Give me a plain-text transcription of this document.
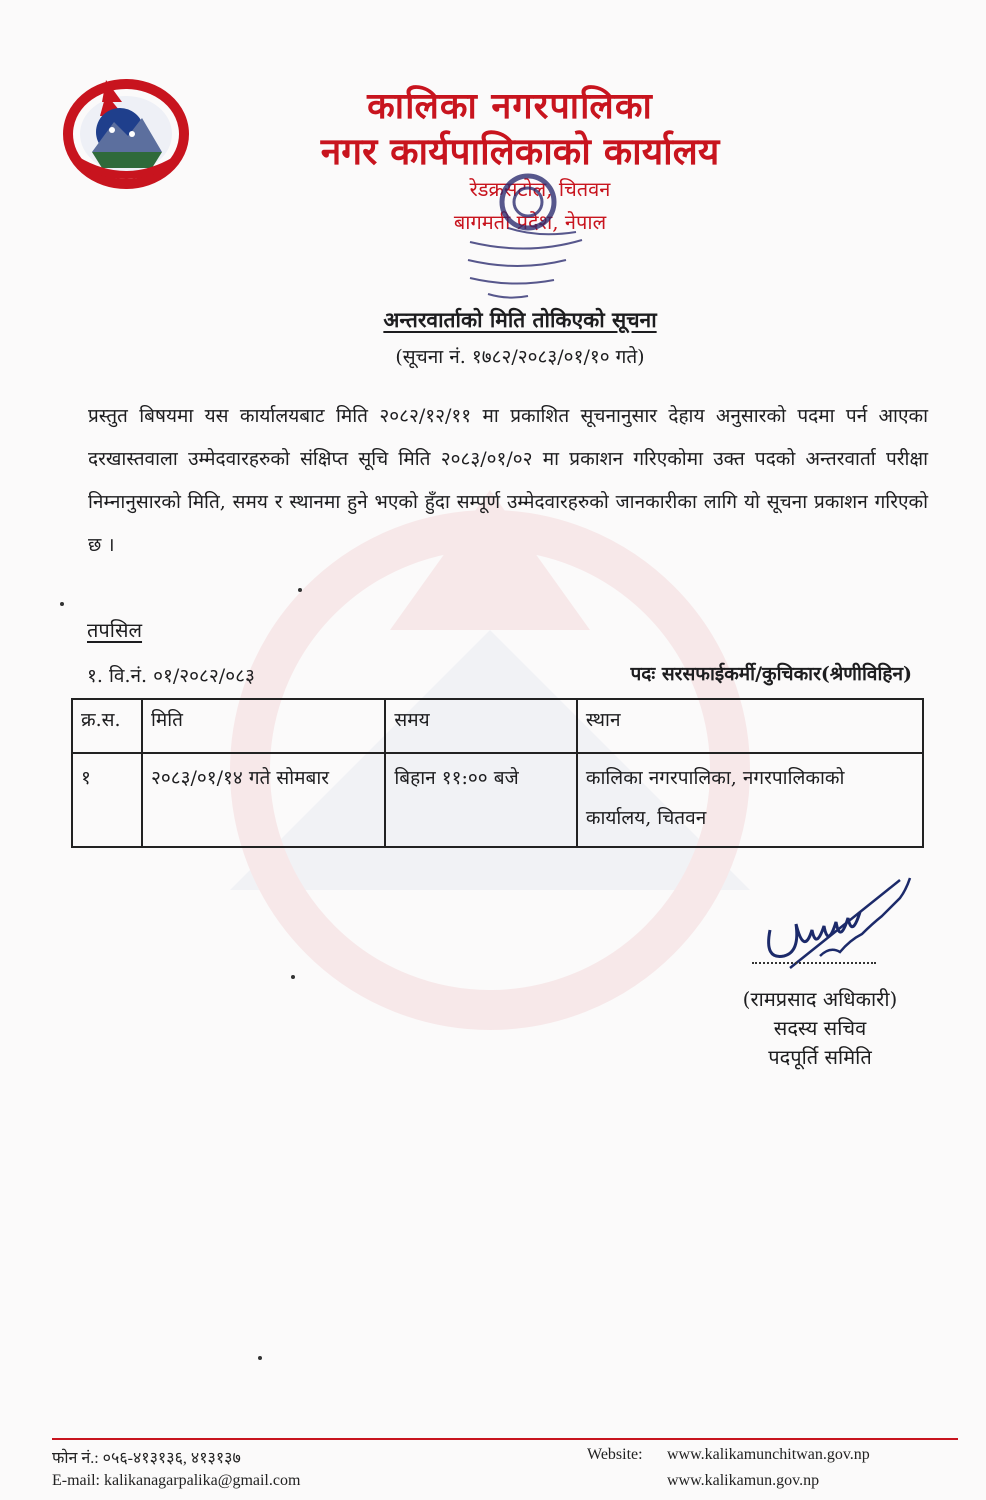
कालिका नगरपालिका
नगर कार्यपालिकाको कार्यालय
रेडक्रसटोल, चितवन
बागमती प्रदेश, नेपाल
अन्तरवार्ताको मिति तोकिएको सूचना
(सूचना नं. १७८२/२०८३/०१/१० गते)
प्रस्तुत बिषयमा यस कार्यालयबाट मिति २०८२/१२/११ मा प्रकाशित सूचनानुसार देहाय अनुसारको पदमा पर्न आएका दरखास्तवाला उम्मेदवारहरुको संक्षिप्त सूचि मिति २०८३/०१/०२ मा प्रकाशन गरिएकोमा उक्त पदको अन्तरवार्ता परीक्षा निम्नानुसारको मिति, समय र स्थानमा हुने भएको हुँदा सम्पूर्ण उम्मेदवारहरुको जानकारीका लागि यो सूचना प्रकाशन गरिएको छ ।
तपसिल
१. वि.नं. ०१/२०८२/०८३	पदः सरसफाईकर्मी/कुचिकार(श्रेणीविहिन)
क्र.स.	मिति	समय	स्थान
१	२०८३/०१/१४ गते सोमबार	बिहान ११:०० बजे	कालिका नगरपालिका, नगरपालिकाको कार्यालय, चितवन
(रामप्रसाद अधिकारी)
सदस्य सचिव
पदपूर्ति समिति
फोन नं.: ०५६-४१३१३६, ४१३१३७
E-mail: kalikanagarpalika@gmail.com
Website: www.kalikamunchitwan.gov.np
www.kalikamun.gov.np
